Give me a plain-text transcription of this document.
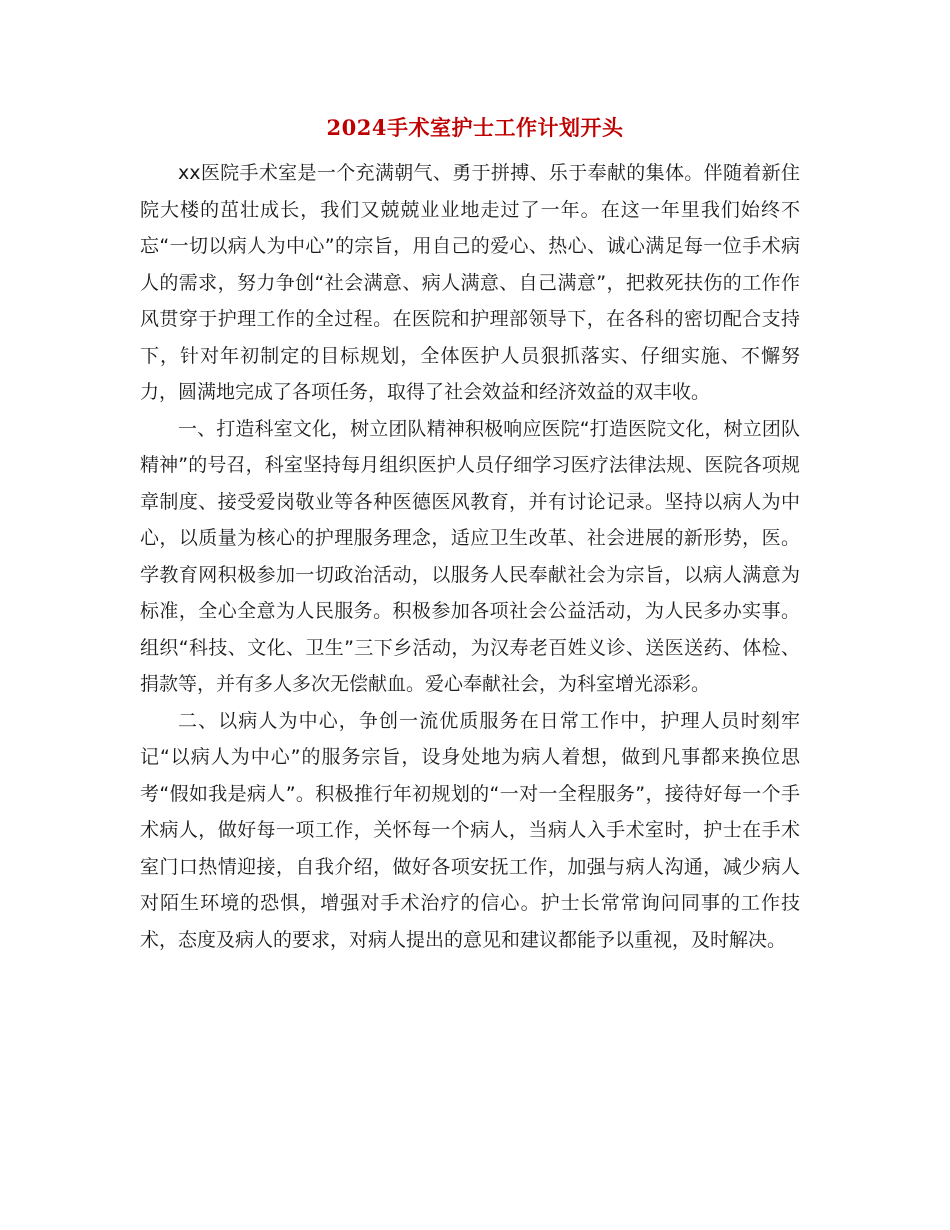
2024手术室护士工作计划开头

xx医院手术室是一个充满朝气、勇于拼搏、乐于奉献的集体。伴随着新住院大楼的茁壮成长，我们又兢兢业业地走过了一年。在这一年里我们始终不忘“一切以病人为中心”的宗旨，用自己的爱心、热心、诚心满足每一位手术病人的需求，努力争创“社会满意、病人满意、自己满意”，把救死扶伤的工作作风贯穿于护理工作的全过程。在医院和护理部领导下，在各科的密切配合支持下，针对年初制定的目标规划，全体医护人员狠抓落实、仔细实施、不懈努力，圆满地完成了各项任务，取得了社会效益和经济效益的双丰收。

一、打造科室文化，树立团队精神积极响应医院“打造医院文化，树立团队精神”的号召，科室坚持每月组织医护人员仔细学习医疗法律法规、医院各项规章制度、接受爱岗敬业等各种医德医风教育，并有讨论记录。坚持以病人为中心，以质量为核心的护理服务理念，适应卫生改革、社会进展的新形势，医。学教育网积极参加一切政治活动，以服务人民奉献社会为宗旨，以病人满意为标准，全心全意为人民服务。积极参加各项社会公益活动，为人民多办实事。组织“科技、文化、卫生”三下乡活动，为汉寿老百姓义诊、送医送药、体检、捐款等，并有多人多次无偿献血。爱心奉献社会，为科室增光添彩。

二、以病人为中心，争创一流优质服务在日常工作中，护理人员时刻牢记“以病人为中心”的服务宗旨，设身处地为病人着想，做到凡事都来换位思考“假如我是病人”。积极推行年初规划的“一对一全程服务”，接待好每一个手术病人，做好每一项工作，关怀每一个病人，当病人入手术室时，护士在手术室门口热情迎接，自我介绍，做好各项安抚工作，加强与病人沟通，减少病人对陌生环境的恐惧，增强对手术治疗的信心。护士长常常询问同事的工作技术，态度及病人的要求，对病人提出的意见和建议都能予以重视，及时解决。
